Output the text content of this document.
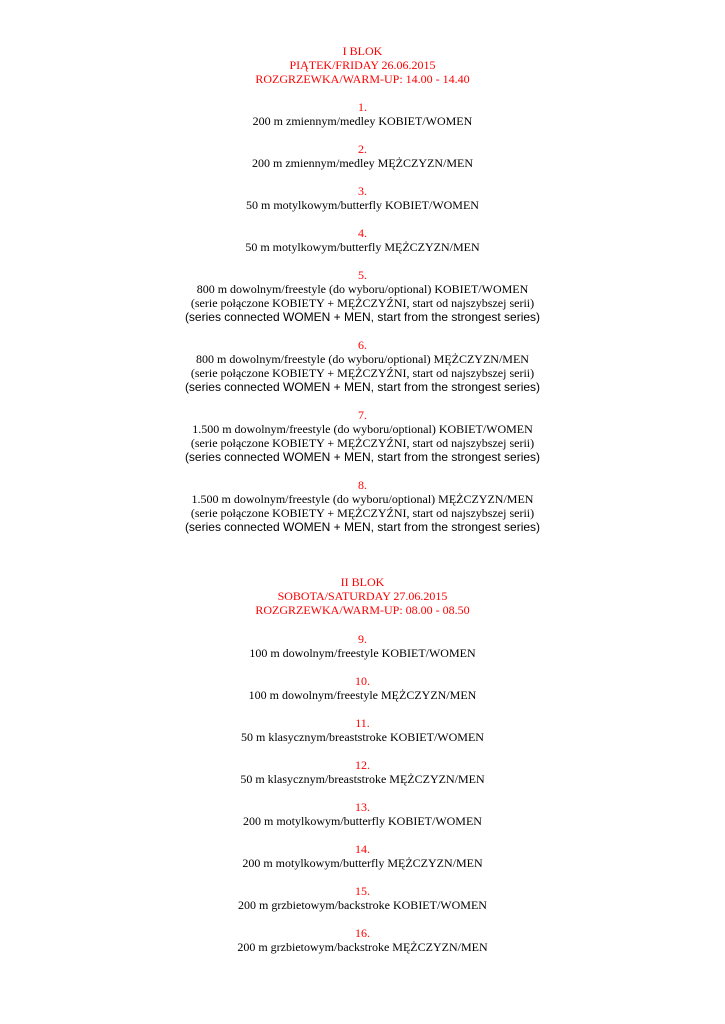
I BLOK
PIĄTEK/FRIDAY 26.06.2015
ROZGRZEWKA/WARM-UP: 14.00 - 14.40
1.
200 m zmiennym/medley KOBIET/WOMEN
2.
200 m zmiennym/medley MĘŻCZYZN/MEN
3.
50 m motylkowym/butterfly KOBIET/WOMEN
4.
50 m motylkowym/butterfly MĘŻCZYZN/MEN
5.
800 m dowolnym/freestyle (do wyboru/optional) KOBIET/WOMEN
(serie połączone KOBIETY + MĘŻCZYŹNI, start od najszybszej serii)
(series connected WOMEN + MEN, start from the strongest series)
6.
800 m dowolnym/freestyle (do wyboru/optional) MĘŻCZYZN/MEN
(serie połączone KOBIETY + MĘŻCZYŹNI, start od najszybszej serii)
(series connected WOMEN + MEN, start from the strongest series)
7.
1.500 m dowolnym/freestyle (do wyboru/optional) KOBIET/WOMEN
(serie połączone KOBIETY + MĘŻCZYŹNI, start od najszybszej serii)
(series connected WOMEN + MEN, start from the strongest series)
8.
1.500 m dowolnym/freestyle (do wyboru/optional) MĘŻCZYZN/MEN
(serie połączone KOBIETY + MĘŻCZYŹNI, start od najszybszej serii)
(series connected WOMEN + MEN, start from the strongest series)
II BLOK
SOBOTA/SATURDAY 27.06.2015
ROZGRZEWKA/WARM-UP: 08.00 - 08.50
9.
100 m dowolnym/freestyle KOBIET/WOMEN
10.
100 m dowolnym/freestyle MĘŻCZYZN/MEN
11.
50 m klasycznym/breaststroke KOBIET/WOMEN
12.
50 m klasycznym/breaststroke MĘŻCZYZN/MEN
13.
200 m motylkowym/butterfly KOBIET/WOMEN
14.
200 m motylkowym/butterfly MĘŻCZYZN/MEN
15.
200 m grzbietowym/backstroke KOBIET/WOMEN
16.
200 m grzbietowym/backstroke MĘŻCZYZN/MEN
